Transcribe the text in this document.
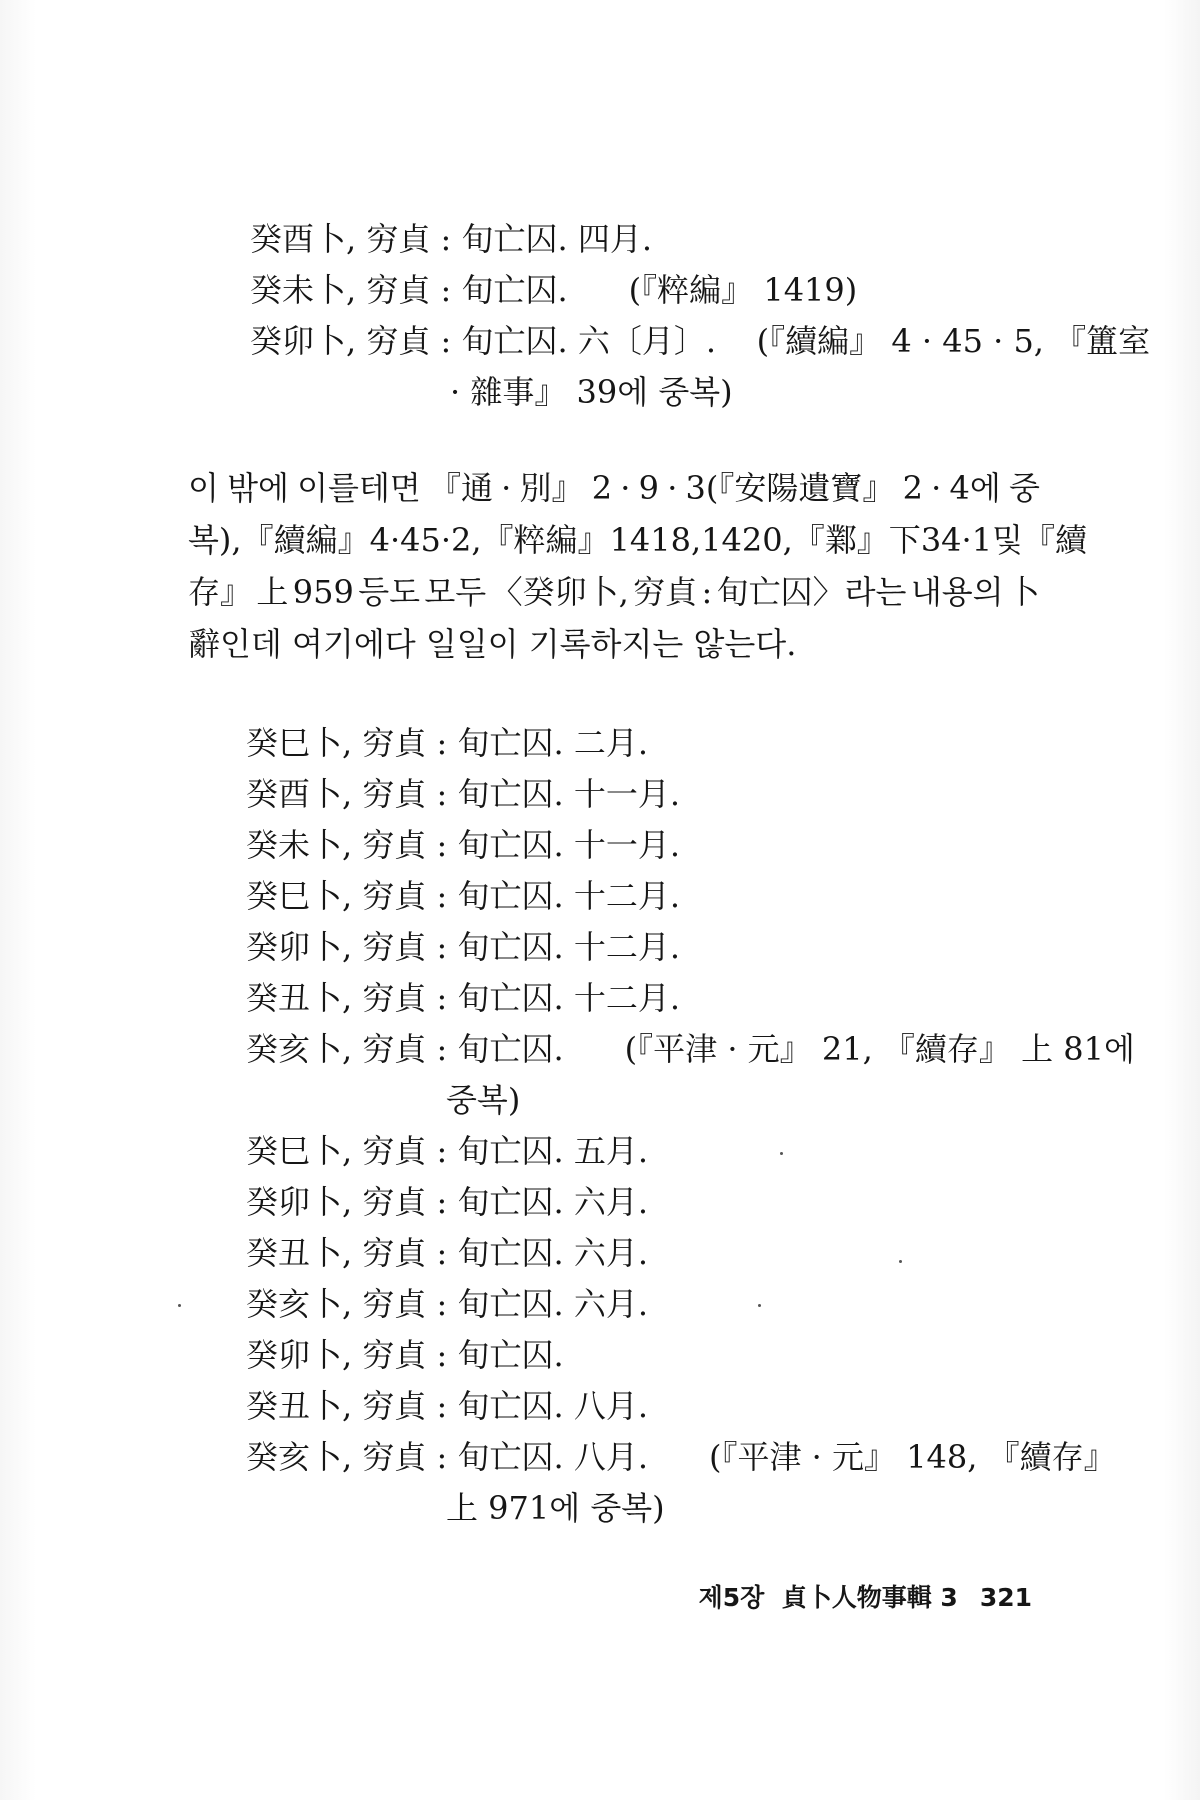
癸酉卜, 穷貞 : 旬亡囚. 四月.
癸未卜, 穷貞 : 旬亡囚.      (『粹編』 1419)
癸卯卜, 穷貞 : 旬亡囚. 六〔月〕.    (『續編』 4 · 45 · 5, 『簠室
· 雜事』 39에 중복)
이 밖에 이를테면 『通 · 別』 2 · 9 · 3(『安陽遺寶』 2 · 4에 중
복), 『續編』 4 · 45 · 2, 『粹編』 1418, 1420, 『鄴』 下 34 · 1 및 『續
存』 上 959 등도 모두 〈癸卯卜, 穷貞 : 旬亡囚〉라는 내용의 卜
辭인데 여기에다 일일이 기록하지는 않는다.
癸巳卜, 穷貞 : 旬亡囚. 二月.
癸酉卜, 穷貞 : 旬亡囚. 十一月.
癸未卜, 穷貞 : 旬亡囚. 十一月.
癸巳卜, 穷貞 : 旬亡囚. 十二月.
癸卯卜, 穷貞 : 旬亡囚. 十二月.
癸丑卜, 穷貞 : 旬亡囚. 十二月.
癸亥卜, 穷貞 : 旬亡囚.      (『平津 · 元』 21, 『續存』 上 81에
중복)
癸巳卜, 穷貞 : 旬亡囚. 五月.
癸卯卜, 穷貞 : 旬亡囚. 六月.
癸丑卜, 穷貞 : 旬亡囚. 六月.
癸亥卜, 穷貞 : 旬亡囚. 六月.
癸卯卜, 穷貞 : 旬亡囚.
癸丑卜, 穷貞 : 旬亡囚. 八月.
癸亥卜, 穷貞 : 旬亡囚. 八月.      (『平津 · 元』 148, 『續存』
上 971에 중복)
제5장  貞卜人物事輯 3 321
